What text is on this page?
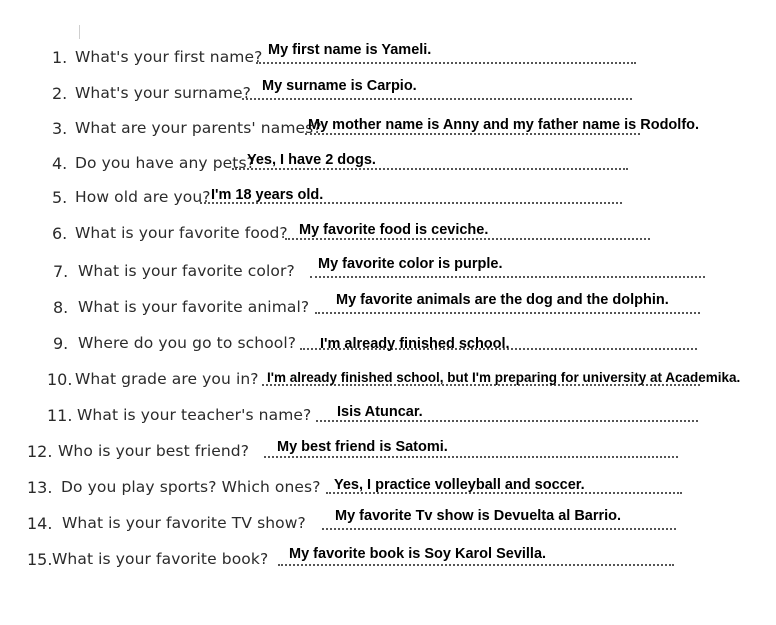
1. What's your first name? My first name is Yameli.
2. What's your surname? My surname is Carpio.
3. What are your parents' names?
My mother name is Anny and my father name is Rodolfo.
4. Do you have any pets?
Yes, I have 2 dogs.
5. How old are you? I'm 18 years old.
6. What is your favorite food? My favorite food is ceviche.
7. What is your favorite color? My favorite color is purple.
8. What is your favorite animal? My favorite animals are the dog and the dolphin.
9. Where do you go to school? I'm already finished school.
10. What grade are you in? I'm already finished school, but I'm preparing for university at Academika.
11. What is your teacher's name? Isis Atuncar.
12. Who is your best friend? My best friend is Satomi.
13. Do you play sports? Which ones? Yes, I practice volleyball and soccer.
14. What is your favorite TV show? My favorite Tv show is Devuelta al Barrio.
15. What is your favorite book? My favorite book is Soy Karol Sevilla.
